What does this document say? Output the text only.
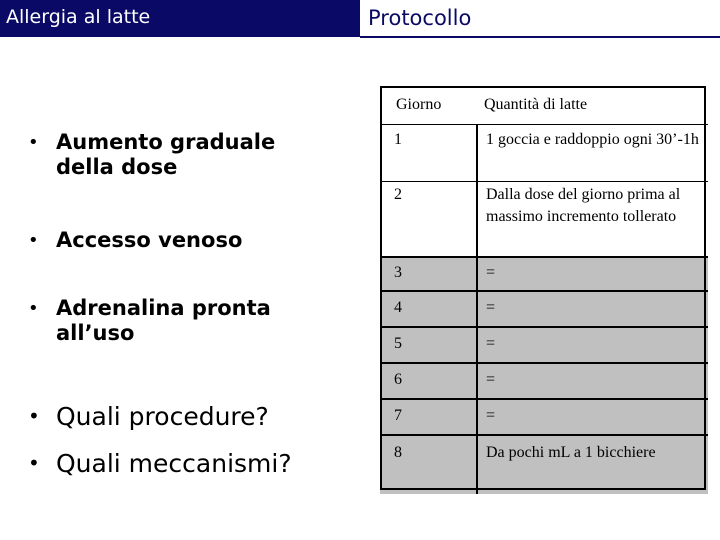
Allergia al latte	Protocollo
• Aumento graduale della dose
• Accesso venoso
• Adrenalina pronta all’uso
• Quali procedure?
• Quali meccanismi?
Giorno	Quantità di latte
1	1 goccia e raddoppio ogni 30’-1h
2	Dalla dose del giorno prima al massimo incremento tollerato
3	=
4	=
5	=
6	=
7	=
8	Da pochi mL a 1 bicchiere
